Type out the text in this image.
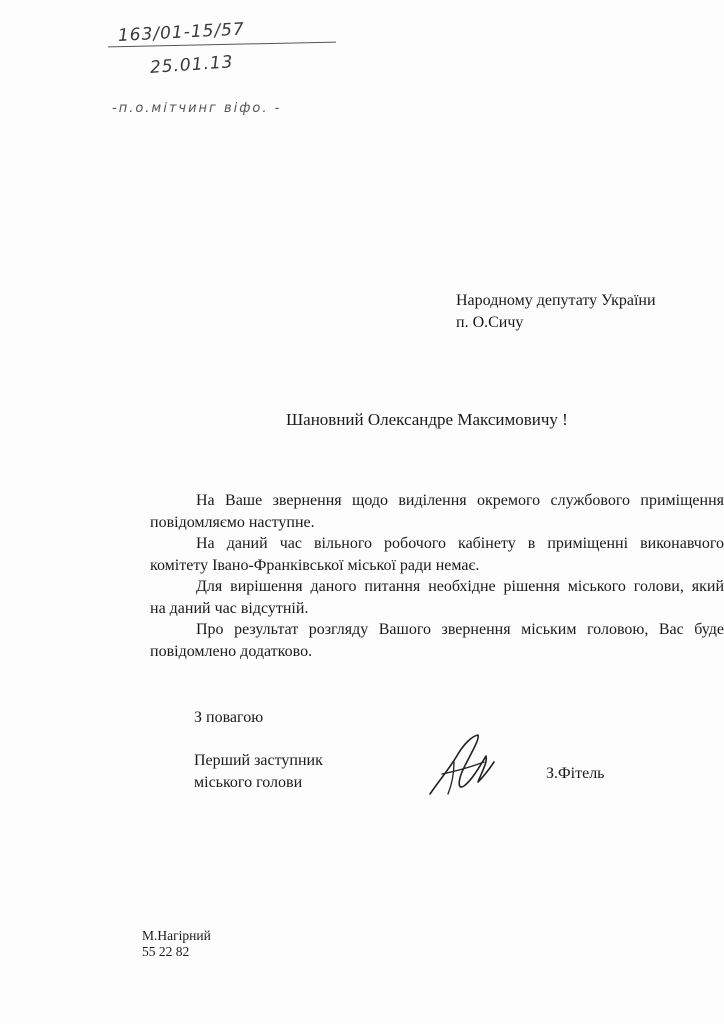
163/01-15/57
25.01.13
-п.о.мітчинг віфо. -
Народному депутату України
п. О.Сичу
Шановний Олександре Максимовичу !
На Ваше звернення щодо виділення окремого службового приміщення
повідомляємо наступне.
На даний час вільного робочого кабінету в приміщенні виконавчого
комітету Івано-Франківської міської ради немає.
Для вирішення даного питання необхідне рішення міського голови, який
на даний час відсутній.
Про результат розгляду Вашого звернення міським головою, Вас буде
повідомлено додатково.
З повагою
Перший заступник
міського голови
З.Фітель
М.Нагірний
55 22 82
